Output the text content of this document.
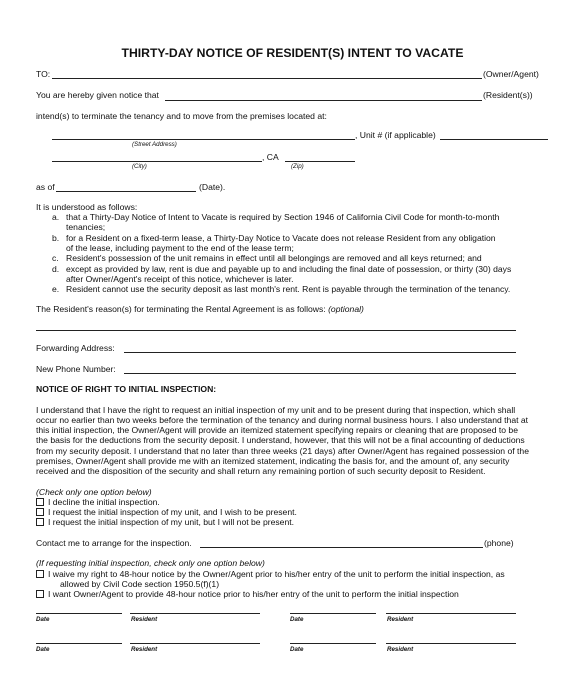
THIRTY-DAY NOTICE OF RESIDENT(S) INTENT TO VACATE
TO:	(Owner/Agent)
You are hereby given notice that	(Resident(s))
intend(s) to terminate the tenancy and to move from the premises located at:
, Unit # (if applicable)
(Street Address)
, CA
(City)	(Zip)
as of	(Date).
It is understood as follows:
a. that a Thirty-Day Notice of Intent to Vacate is required by Section 1946 of California Civil Code for month-to-month
tenancies;
b. for a Resident on a fixed-term lease, a Thirty-Day Notice to Vacate does not release Resident from any obligation
of the lease, including payment to the end of the lease term;
c. Resident's possession of the unit remains in effect until all belongings are removed and all keys returned; and
d. except as provided by law, rent is due and payable up to and including the final date of possession, or thirty (30) days
after Owner/Agent's receipt of this notice, whichever is later.
e. Resident cannot use the security deposit as last month's rent. Rent is payable through the termination of the tenancy.
The Resident's reason(s) for terminating the Rental Agreement is as follows: (optional)
Forwarding Address:
New Phone Number:
NOTICE OF RIGHT TO INITIAL INSPECTION:
I understand that I have the right to request an initial inspection of my unit and to be present during that inspection, which shall
occur no earlier than two weeks before the termination of the tenancy and during normal business hours. I also understand that at
this initial inspection, the Owner/Agent will provide an itemized statement specifying repairs or cleaning that are proposed to be
the basis for the deductions from the security deposit. I understand, however, that this will not be a final accounting of deductions
from my security deposit. I understand that no later than three weeks (21 days) after Owner/Agent has regained possession of the
premises, Owner/Agent shall provide me with an itemized statement, indicating the basis for, and the amount of, any security
received and the disposition of the security and shall return any remaining portion of such security deposit to Resident.
(Check only one option below)
I decline the initial inspection.
I request the initial inspection of my unit, and I wish to be present.
I request the initial inspection of my unit, but I will not be present.
Contact me to arrange for the inspection.	(phone)
(If requesting initial inspection, check only one option below)
I waive my right to 48-hour notice by the Owner/Agent prior to his/her entry of the unit to perform the initial inspection, as
allowed by Civil Code section 1950.5(f)(1)
I want Owner/Agent to provide 48-hour notice prior to his/her entry of the unit to perform the initial inspection
Date	Resident	Date	Resident
Date	Resident	Date	Resident
